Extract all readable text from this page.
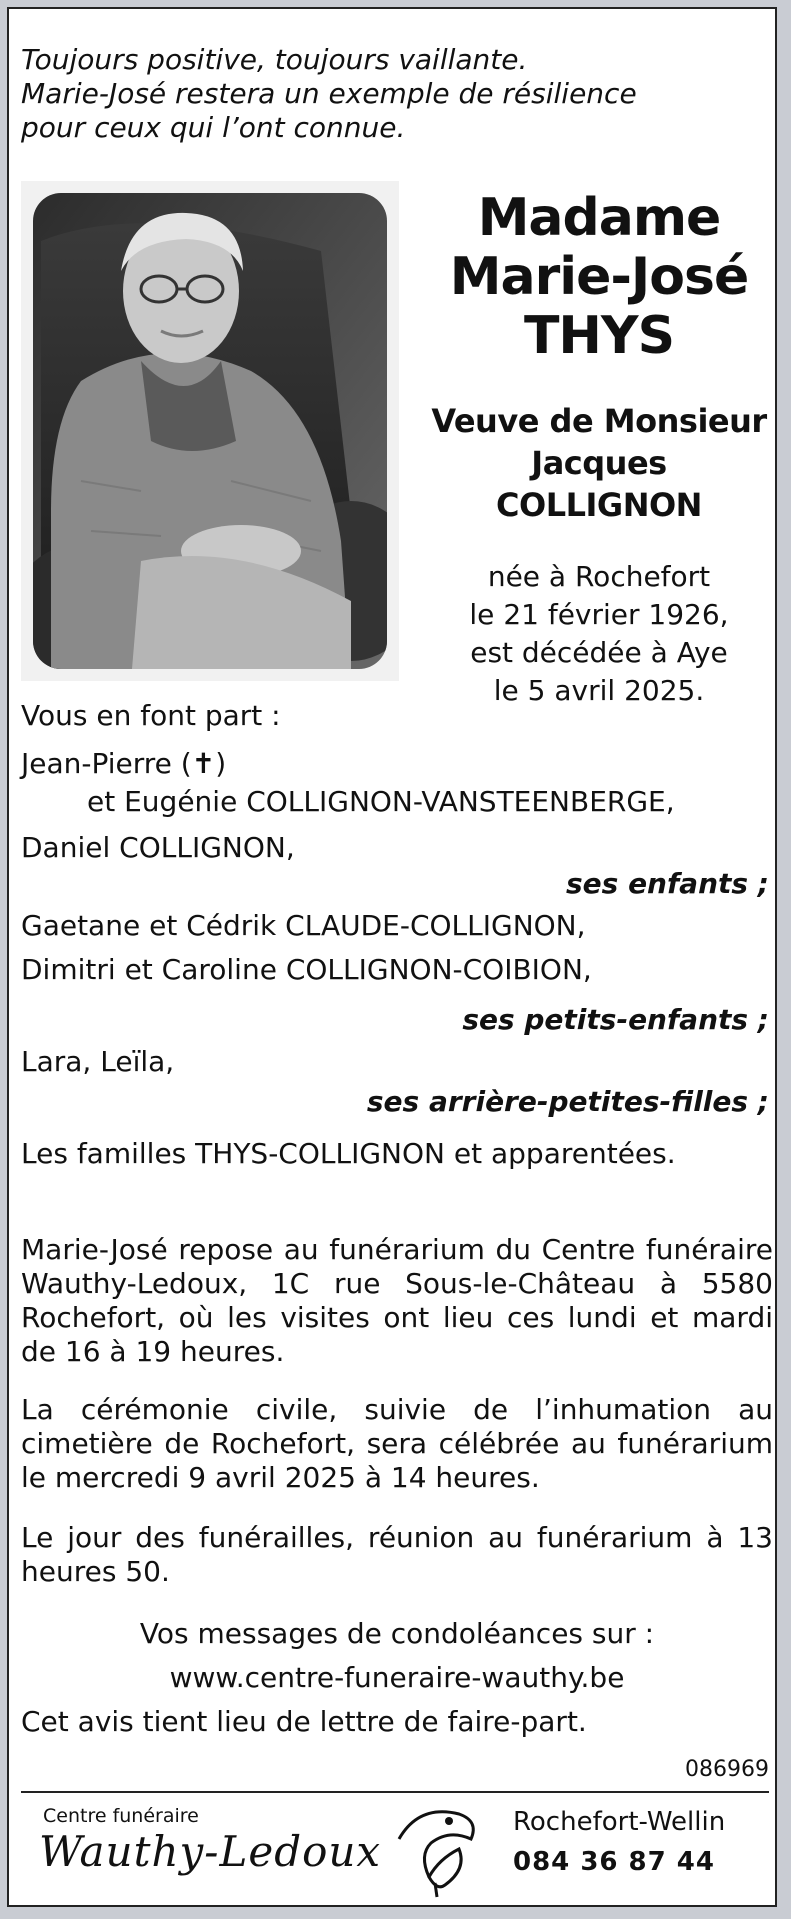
Toujours positive, toujours vaillante.
Marie-José restera un exemple de résilience
pour ceux qui l’ont connue.
Madame
Marie-José
THYS
Veuve de Monsieur
Jacques COLLIGNON
née à Rochefort
le 21 février 1926,
est décédée à Aye
le 5 avril 2025.
Vous en font part :
Jean-Pierre (✝)
et Eugénie COLLIGNON-VANSTEENBERGE,
Daniel COLLIGNON,
ses enfants ;
Gaetane et Cédrik CLAUDE-COLLIGNON,
Dimitri et Caroline COLLIGNON-COIBION,
ses petits-enfants ;
Lara, Leïla,
ses arrière-petites-filles ;
Les familles THYS-COLLIGNON et apparentées.
Marie-José repose au funérarium du Centre funéraire Wauthy-Ledoux, 1C rue Sous-le-Château à 5580 Rochefort, où les visites ont lieu ces lundi et mardi de 16 à 19 heures.
La cérémonie civile, suivie de l’inhumation au cimetière de Rochefort, sera célébrée au funérarium le mercredi 9 avril 2025 à 14 heures.
Le jour des funérailles, réunion au funérarium à 13 heures 50.
Vos messages de condoléances sur :
www.centre-funeraire-wauthy.be
Cet avis tient lieu de lettre de faire-part.
086969
Centre funéraire
Wauthy-Ledoux
Rochefort-Wellin
084 36 87 44
